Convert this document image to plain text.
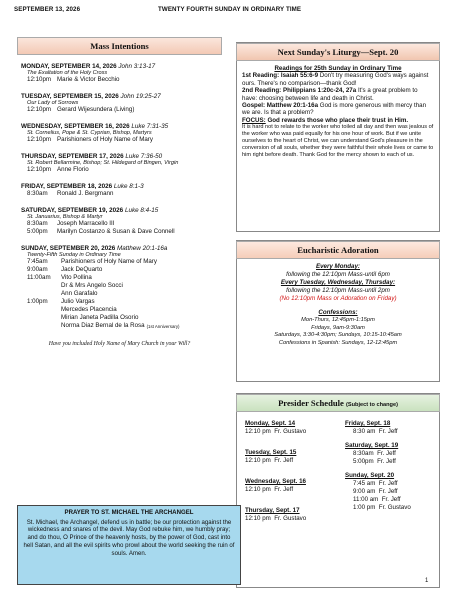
SEPTEMBER 13, 2026	TWENTY FOURTH SUNDAY IN ORDINARY TIME
Mass Intentions
MONDAY, SEPTEMBER 14, 2026 John 3:13-17
The Exaltation of the Holy Cross
12:10pm Marie & Victor Becchio
TUESDAY, SEPTEMBER 15, 2026 John 19:25-27
Our Lady of Sorrows
12:10pm Gerard Wijesundera (Living)
WEDNESDAY, SEPTEMBER 16, 2026 Luke 7:31-35
St. Cornelius, Pope & St. Cyprian, Bishop, Martyrs
12:10pm Parishioners of Holy Name of Mary
THURSDAY, SEPTEMBER 17, 2026 Luke 7:36-50
St. Robert Bellarmine, Bishop; St. Hildegard of Bingen, Virgin
12:10pm Anne Florio
FRIDAY, SEPTEMBER 18, 2026 Luke 8:1-3
8:30am	Ronald J. Bergmann
SATURDAY, SEPTEMBER 19, 2026 Luke 8:4-15
St. Januarius, Bishop & Martyr
8:30am	Joseph Marracello III
5:00pm	Marilyn Costanzo & Susan & Dave Connell
SUNDAY, SEPTEMBER 20, 2026 Matthew 20:1-16a
Twenty-Fifth Sunday in Ordinary Time
7:45am	Parishioners of Holy Name of Mary
9:00am	Jack DeQuarto
11:00am	Vito Pollina
Dr & Mrs Angelo Socci
Ann Garafalo
1:00pm	Julio Vargas
Mercedes Placencia
Mirian Janeta Padilla Osorio
Norma Diaz Bernal de la Rosa (1st Anniversary)
Have you included Holy Name of Mary Church in your Will?
Next Sunday's Liturgy—Sept. 20
Readings for 25th Sunday in Ordinary Time
1st Reading: Isaiah 55:6-9 Don't try measuring God's ways against ours. There's no comparison—thank God!
2nd Reading: Philippians 1:20c-24, 27a It's a great problem to have: choosing between life and death in Christ.
Gospel: Matthew 20:1-16a God is more generous with mercy than we are. Is that a problem?
FOCUS: God rewards those who place their trust in Him.
It is hard not to relate to the worker who toiled all day and then was jealous of the worker who was paid equally for his one hour of work. But if we unite ourselves to the heart of Christ, we can understand God's pleasure in the conversion of all souls, whether they were faithful their whole lives or came to him right before death. Thank God for the mercy shown to each of us.
Eucharistic Adoration
Every Monday:
following the 12:10pm Mass-until 6pm
Every Tuesday, Wednesday, Thursday:
following the 12:10pm Mass-until 2pm
(No 12:10pm Mass or Adoration on Friday)
Confessions:
Mon-Thurs, 12:45pm-1:15pm
Fridays, 9am-9:30am
Saturdays, 3:30-4:30pm; Sundays, 10:15-10:45am
Confessions in Spanish: Sundays, 12-12:45pm
Presider Schedule (Subject to change)
Monday, Sept. 14
12:10 pm  Fr. Gustavo
Tuesday, Sept. 15
12:10 pm  Fr. Jeff
Wednesday, Sept. 16
12:10 pm  Fr. Jeff
Thursday, Sept. 17
12:10 pm  Fr. Gustavo
Friday, Sept. 18
8:30 am  Fr. Jeff
Saturday, Sept. 19
8:30am  Fr. Jeff
5:00pm  Fr. Jeff
Sunday, Sept. 20
7:45 am  Fr. Jeff
9:00 am  Fr. Jeff
11:00 am  Fr. Jeff
1:00 pm  Fr. Gustavo
PRAYER TO ST. MICHAEL THE ARCHANGEL
St. Michael, the Archangel, defend us in battle; be our protection against the wickedness and snares of the devil. May God rebuke him, we humbly pray; and do thou, O Prince of the heavenly hosts, by the power of God, cast into hell Satan, and all the evil spirits who prowl about the world seeking the ruin of souls. Amen.
1
